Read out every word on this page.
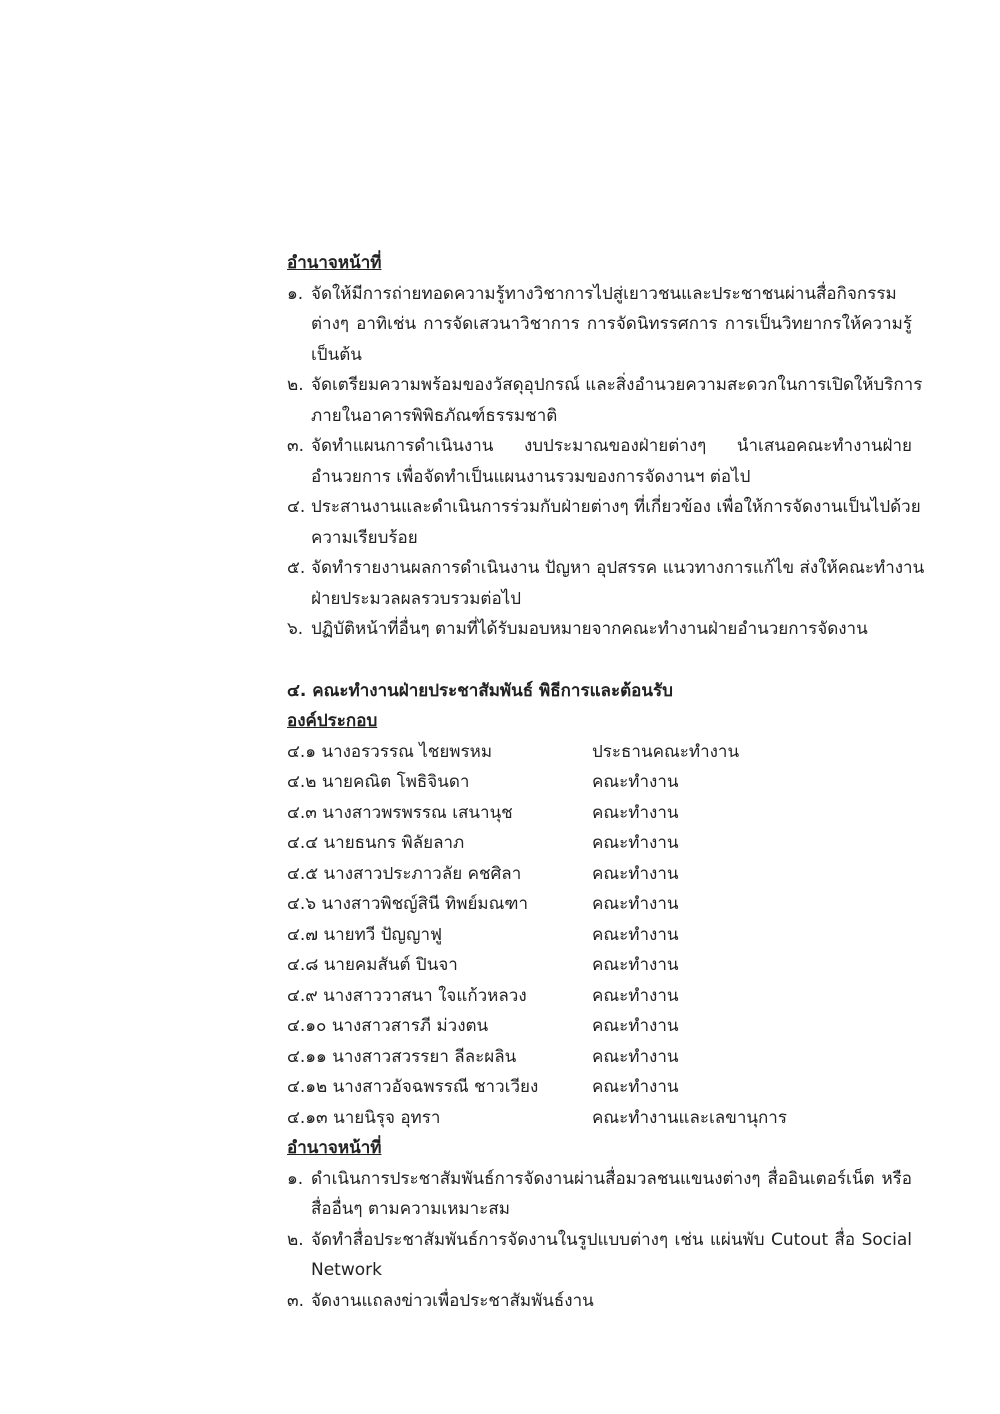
อำนาจหน้าที่
๑. จัดให้มีการถ่ายทอดความรู้ทางวิชาการไปสู่เยาวชนและประชาชนผ่านสื่อกิจกรรม
ต่างๆ อาทิเช่น การจัดเสวนาวิชาการ การจัดนิทรรศการ การเป็นวิทยากรให้ความรู้
เป็นต้น
๒. จัดเตรียมความพร้อมของวัสดุอุปกรณ์ และสิ่งอำนวยความสะดวกในการเปิดให้บริการ
ภายในอาคารพิพิธภัณฑ์ธรรมชาติ
๓. จัดทำแผนการดำเนินงาน งบประมาณของฝ่ายต่างๆ นำเสนอคณะทำงานฝ่าย
อำนวยการ เพื่อจัดทำเป็นแผนงานรวมของการจัดงานฯ ต่อไป
๔. ประสานงานและดำเนินการร่วมกับฝ่ายต่างๆ ที่เกี่ยวข้อง เพื่อให้การจัดงานเป็นไปด้วย
ความเรียบร้อย
๕. จัดทำรายงานผลการดำเนินงาน ปัญหา อุปสรรค แนวทางการแก้ไข ส่งให้คณะทำงาน
ฝ่ายประมวลผลรวบรวมต่อไป
๖. ปฏิบัติหน้าที่อื่นๆ ตามที่ได้รับมอบหมายจากคณะทำงานฝ่ายอำนวยการจัดงาน
๔. คณะทำงานฝ่ายประชาสัมพันธ์ พิธีการและต้อนรับ
องค์ประกอบ
๔.๑ นางอรวรรณ ไชยพรหม	ประธานคณะทำงาน
๔.๒ นายคณิต โพธิจินดา	คณะทำงาน
๔.๓ นางสาวพรพรรณ เสนานุช	คณะทำงาน
๔.๔ นายธนกร พิลัยลาภ	คณะทำงาน
๔.๕ นางสาวประภาวลัย คชศิลา	คณะทำงาน
๔.๖ นางสาวพิชญ์สินี ทิพย์มณฑา	คณะทำงาน
๔.๗ นายทวี ปัญญาฟู	คณะทำงาน
๔.๘ นายคมสันต์ ปินจา	คณะทำงาน
๔.๙ นางสาววาสนา ใจแก้วหลวง	คณะทำงาน
๔.๑๐ นางสาวสารภี ม่วงตน	คณะทำงาน
๔.๑๑ นางสาวสวรรยา ลีละผลิน	คณะทำงาน
๔.๑๒ นางสาวอัจฉพรรณี ชาวเวียง	คณะทำงาน
๔.๑๓ นายนิรุจ อุทรา	คณะทำงานและเลขานุการ
อำนาจหน้าที่
๑. ดำเนินการประชาสัมพันธ์การจัดงานผ่านสื่อมวลชนแขนงต่างๆ สื่ออินเตอร์เน็ต หรือ
สื่ออื่นๆ ตามความเหมาะสม
๒. จัดทำสื่อประชาสัมพันธ์การจัดงานในรูปแบบต่างๆ เช่น แผ่นพับ Cutout สื่อ Social
Network
๓. จัดงานแถลงข่าวเพื่อประชาสัมพันธ์งาน
